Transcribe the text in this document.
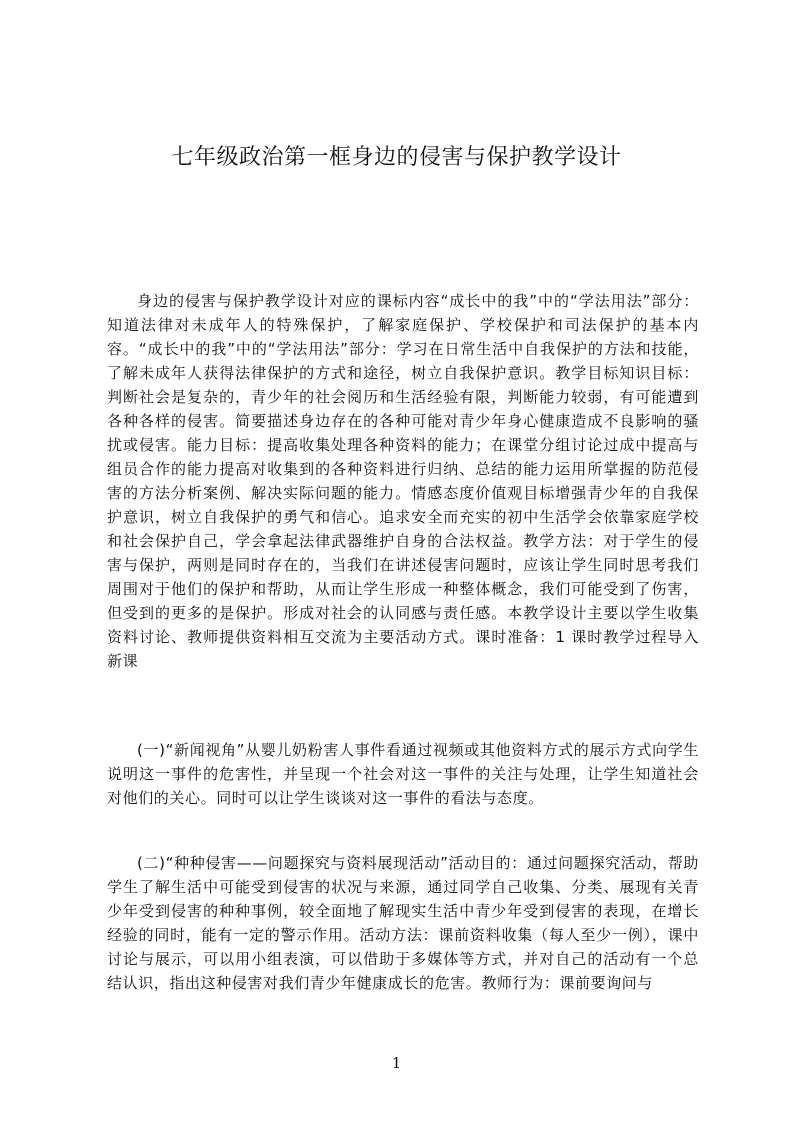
七年级政治第一框身边的侵害与保护教学设计

身边的侵害与保护教学设计对应的课标内容“成长中的我”中的“学法用法”部分：知道法律对未成年人的特殊保护，了解家庭保护、学校保护和司法保护的基本内容。“成长中的我”中的“学法用法”部分：学习在日常生活中自我保护的方法和技能，了解未成年人获得法律保护的方式和途径，树立自我保护意识。教学目标知识目标：判断社会是复杂的，青少年的社会阅历和生活经验有限，判断能力较弱，有可能遭到各种各样的侵害。简要描述身边存在的各种可能对青少年身心健康造成不良影响的骚扰或侵害。能力目标：提高收集处理各种资料的能力；在课堂分组讨论过成中提高与组员合作的能力提高对收集到的各种资料进行归纳、总结的能力运用所掌握的防范侵害的方法分析案例、解决实际问题的能力。情感态度价值观目标增强青少年的自我保护意识，树立自我保护的勇气和信心。追求安全而充实的初中生活学会依靠家庭学校和社会保护自己，学会拿起法律武器维护自身的合法权益。教学方法：对于学生的侵害与保护，两则是同时存在的，当我们在讲述侵害问题时，应该让学生同时思考我们周围对于他们的保护和帮助，从而让学生形成一种整体概念，我们可能受到了伤害，但受到的更多的是保护。形成对社会的认同感与责任感。本教学设计主要以学生收集资料讨论、教师提供资料相互交流为主要活动方式。课时准备：1 课时教学过程导入新课

(一)“新闻视角”从婴儿奶粉害人事件看通过视频或其他资料方式的展示方式向学生说明这一事件的危害性，并呈现一个社会对这一事件的关注与处理，让学生知道社会对他们的关心。同时可以让学生谈谈对这一事件的看法与态度。

(二)“种种侵害——问题探究与资料展现活动”活动目的：通过问题探究活动，帮助学生了解生活中可能受到侵害的状况与来源，通过同学自己收集、分类、展现有关青少年受到侵害的种种事例，较全面地了解现实生活中青少年受到侵害的表现，在增长经验的同时，能有一定的警示作用。活动方法：课前资料收集（每人至少一例），课中讨论与展示，可以用小组表演，可以借助于多媒体等方式，并对自己的活动有一个总结认识，指出这种侵害对我们青少年健康成长的危害。教师行为：课前要询问与

1
